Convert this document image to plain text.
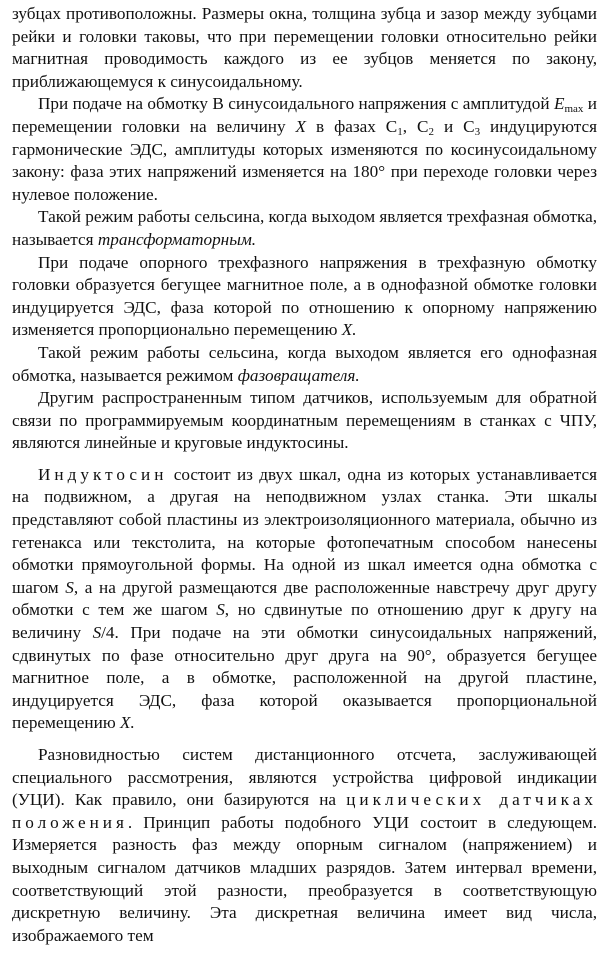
зубцах противоположны. Размеры окна, толщина зубца и зазор между зубцами рейки и головки таковы, что при перемещении головки относительно рейки магнитная проводимость каждого из ее зубцов меняется по закону, приближающемуся к синусоидальному.

При подаче на обмотку В синусоидального напряжения с амплитудой $E_{max}$ и перемещении головки на величину X в фазах $С_1$, $С_2$ и $С_3$ индуцируются гармонические ЭДС, амплитуды которых изменяются по косинусоидальному закону: фаза этих напряжений изменяется на 180° при переходе головки через нулевое положение.

Такой режим работы сельсина, когда выходом является трехфазная обмотка, называется трансформаторным.

При подаче опорного трехфазного напряжения в трехфазную обмотку головки образуется бегущее магнитное поле, а в однофазной обмотке головки индуцируется ЭДС, фаза которой по отношению к опорному напряжению изменяется пропорционально перемещению X.

Такой режим работы сельсина, когда выходом является его однофазная обмотка, называется режимом фазовращателя.

Другим распространенным типом датчиков, используемым для обратной связи по программируемым координатным перемещениям в станках с ЧПУ, являются линейные и круговые индуктосины.

Индуктосин состоит из двух шкал, одна из которых устанавливается на подвижном, а другая на неподвижном узлах станка. Эти шкалы представляют собой пластины из электроизоляционного материала, обычно из гетенакса или текстолита, на которые фотопечатным способом нанесены обмотки прямоугольной формы. На одной из шкал имеется одна обмотка с шагом S, а на другой размещаются две расположенные навстречу друг другу обмотки с тем же шагом S, но сдвинутые по отношению друг к другу на величину S/4. При подаче на эти обмотки синусоидальных напряжений, сдвинутых по фазе относительно друг друга на 90°, образуется бегущее магнитное поле, а в обмотке, расположенной на другой пластине, индуцируется ЭДС, фаза которой оказывается пропорциональной перемещению X.

Разновидностью систем дистанционного отсчета, заслуживающей специального рассмотрения, являются устройства цифровой индикации (УЦИ). Как правило, они базируются на циклических датчиках положения. Принцип работы подобного УЦИ состоит в следующем. Измеряется разность фаз между опорным сигналом (напряжением) и выходным сигналом датчиков младших разрядов. Затем интервал времени, соответствующий этой разности, преобразуется в соответствующую дискретную величину. Эта дискретная величина имеет вид числа, изображаемого тем
